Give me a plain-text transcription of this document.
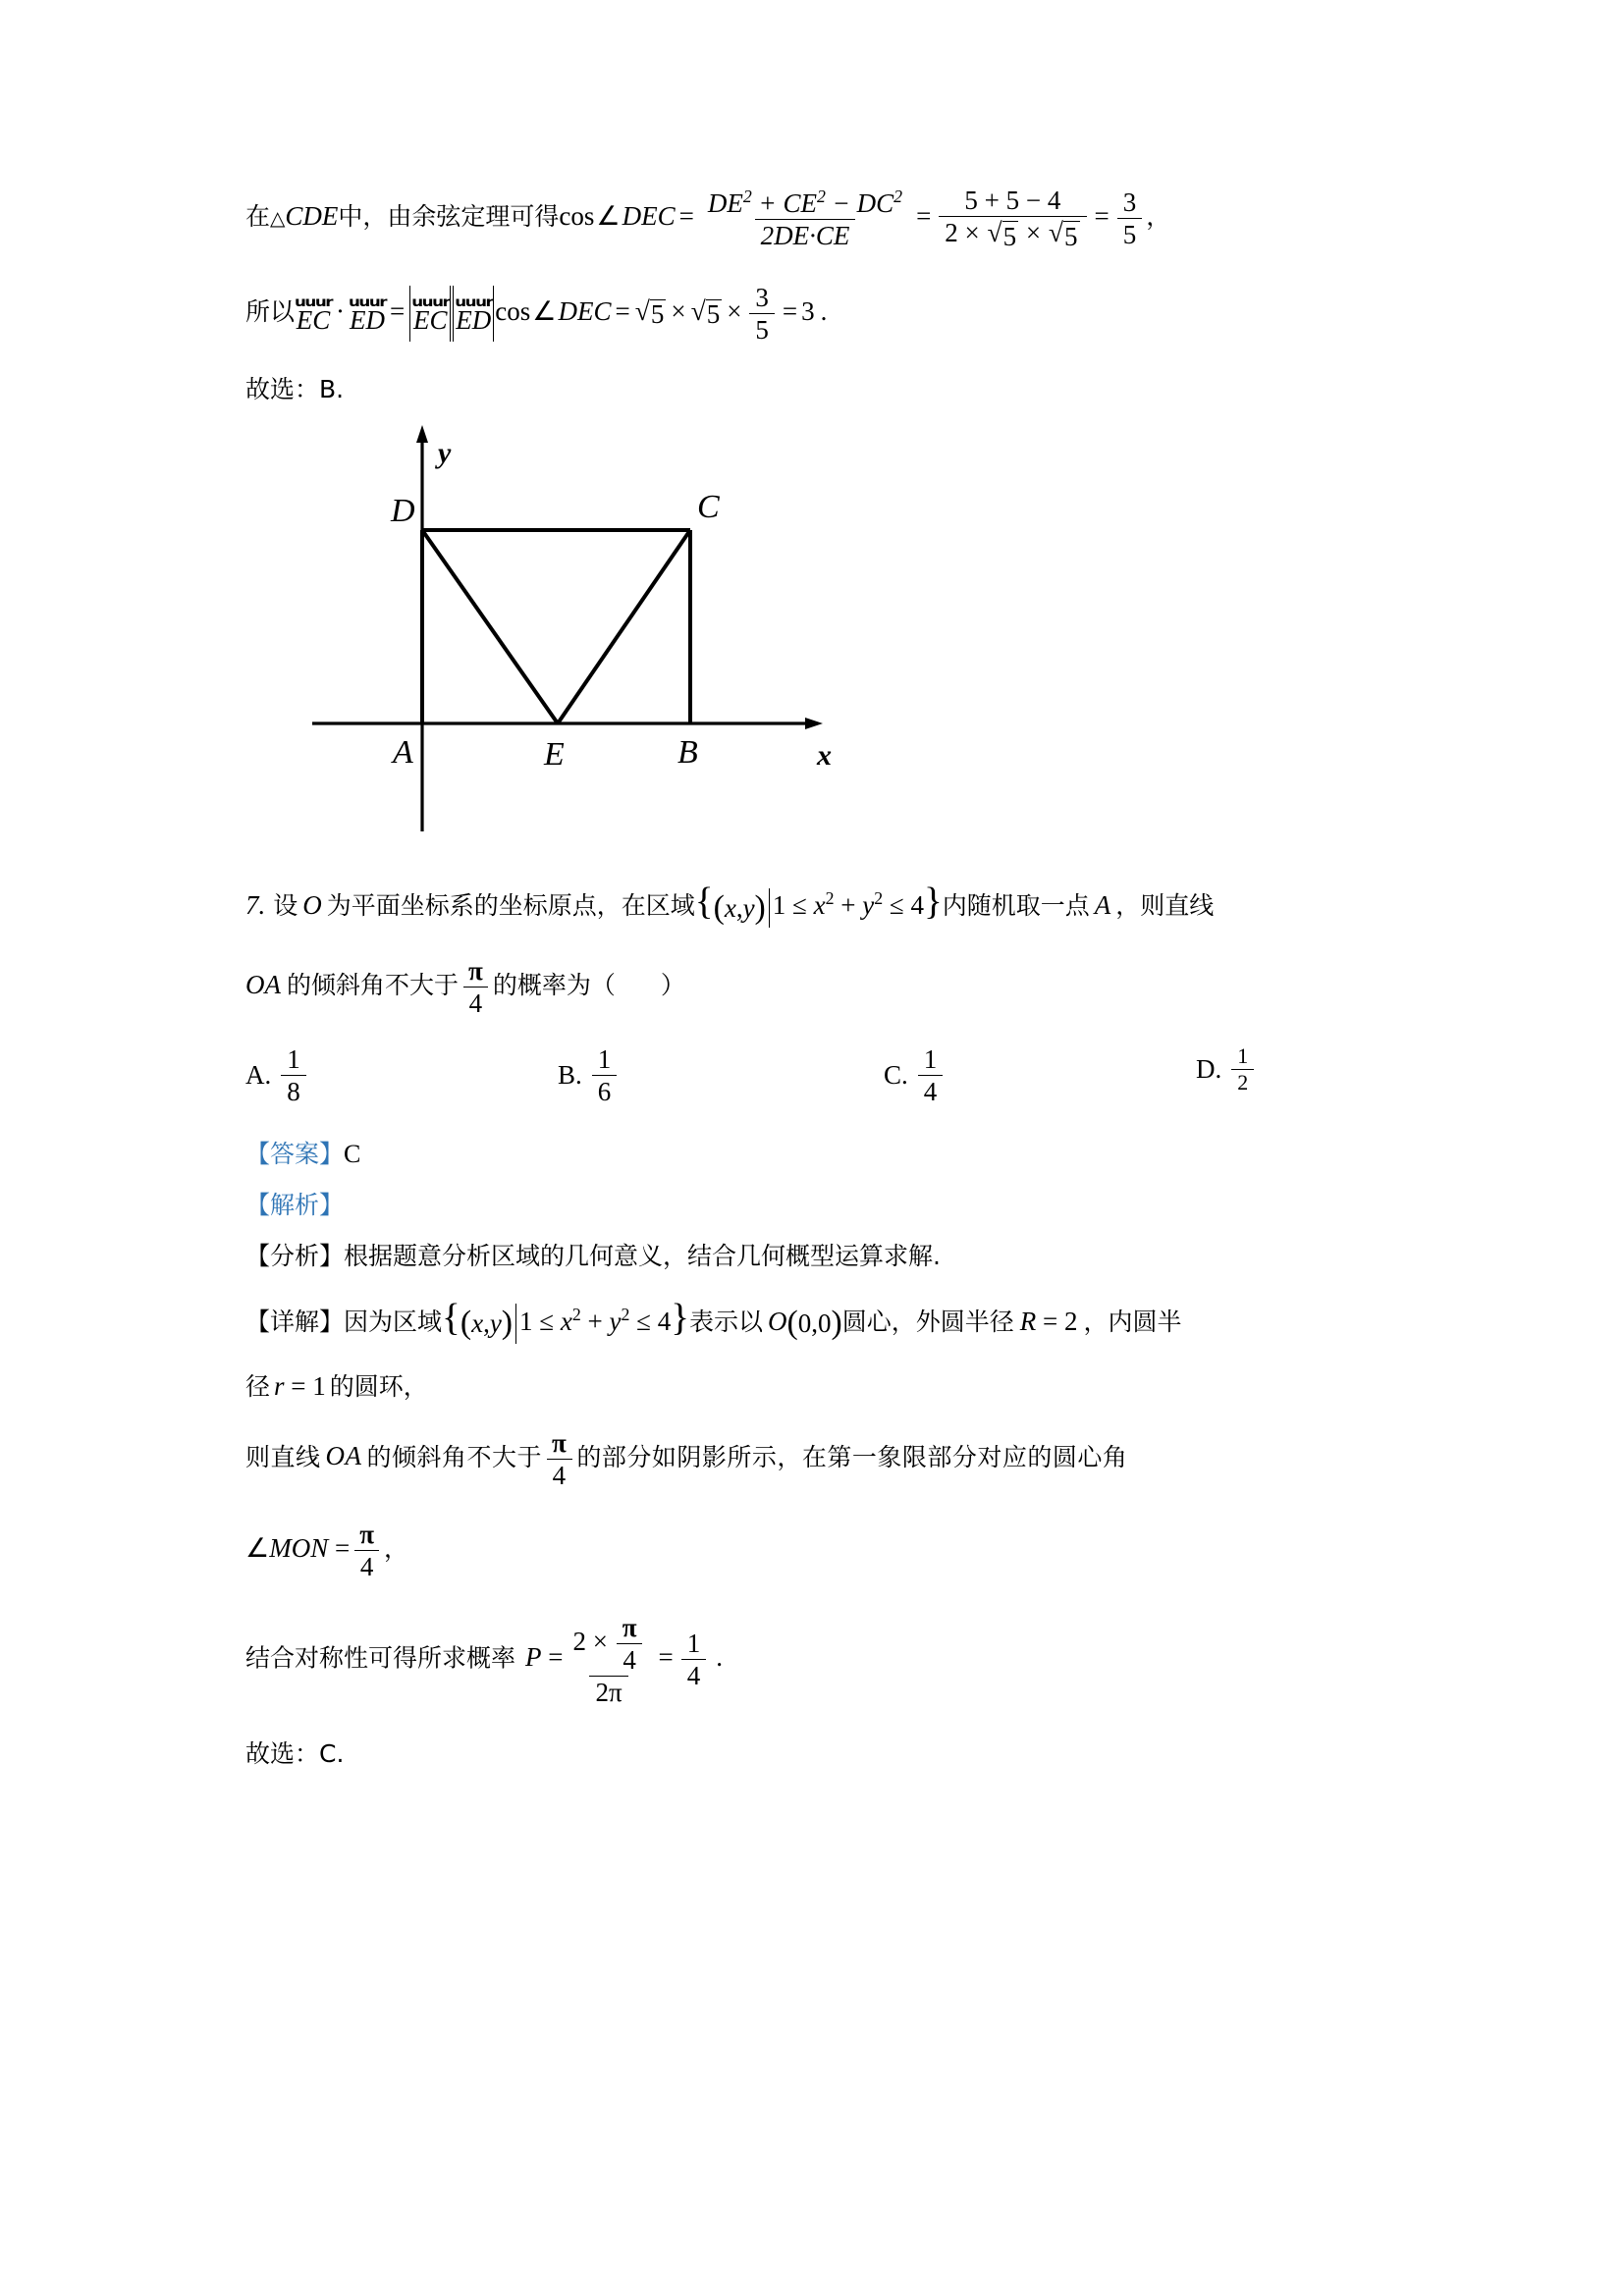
在△CDE中，由余弦定理可得cos∠DEC = $\frac{DE^2 + CE^2 - DC^2}{2DE\cdot CE} = \frac{5 + 5 - 4}{2 \times √ 5 \times √ 5} = \frac{3}{5}$ ，
所以 uuur
EC · uuur
ED = uuur
EC
uuur
ED cos∠DEC = √ 5 × √ $5 \times \frac{3}{5} = 3$ .
故选：B.
D	C
A	E	B
y
x
7. 设 O 为平面坐标系的坐标原点，在区域{ ( x , y ) $1 \le x^2 + y^2 \le 4$}内随机取一点 A ，则直线
OA 的倾斜角不大于 $\frac{\pi}{4}$ 的概率为（ ）
A. $\frac{1}{8}$	B. $\frac{1}{6}$	C. $\frac{1}{4}$	D. $\frac{1}{2}$
【答案】C
【解析】
【分析】根据题意分析区域的几何意义，结合几何概型运算求解.
【详解】因为区域{ ( x , y ) $1 \le x^2 + y^2 \le 4$}表示以 O ( 0,0 ) 圆心，外圆半径 R = 2 ，内圆半
径 r = 1 的圆环，
则直线 OA 的倾斜角不大于 $\frac{\pi}{4}$ 的部分如阴影所示，在第一象限部分对应的圆心角
∠MON = $\frac{\pi}{4}$ ，
结合对称性可得所求概率 $P = \frac{2 \times \frac{\pi}{4}}{2\pi} = \frac{1}{4}$ .
故选：C.
